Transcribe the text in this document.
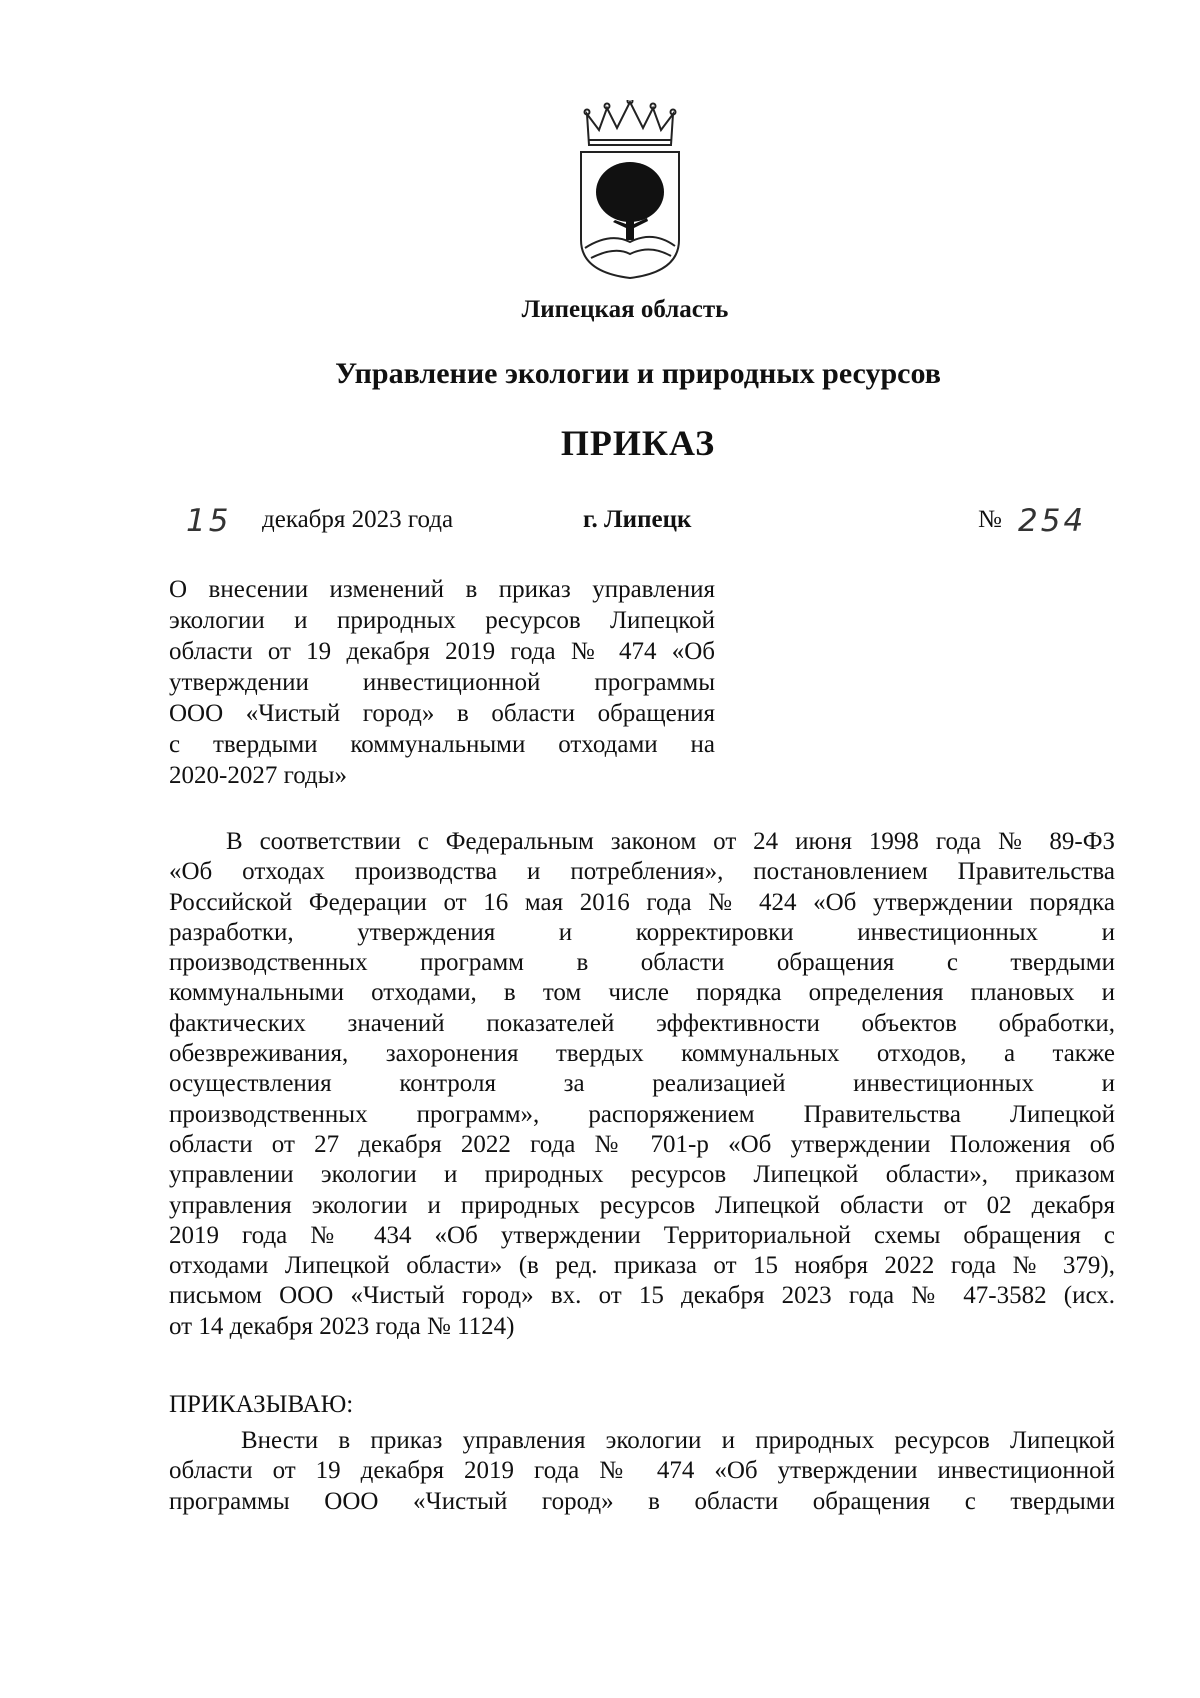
Липецкая область
Управление экологии и природных ресурсов
ПРИКАЗ
15 декабря 2023 года	г. Липецк	№ 254
О внесении изменений в приказ управления
экологии и природных ресурсов Липецкой
области от 19 декабря 2019 года № 474 «Об
утверждении инвестиционной программы
ООО «Чистый город» в области обращения
с твердыми коммунальными отходами на
2020-2027 годы»
В соответствии с Федеральным законом от 24 июня 1998 года № 89-ФЗ
«Об отходах производства и потребления», постановлением Правительства
Российской Федерации от 16 мая 2016 года № 424 «Об утверждении порядка
разработки, утверждения и корректировки инвестиционных и
производственных программ в области обращения с твердыми
коммунальными отходами, в том числе порядка определения плановых и
фактических значений показателей эффективности объектов обработки,
обезвреживания, захоронения твердых коммунальных отходов, а также
осуществления контроля за реализацией инвестиционных и
производственных программ», распоряжением Правительства Липецкой
области от 27 декабря 2022 года № 701-р «Об утверждении Положения об
управлении экологии и природных ресурсов Липецкой области», приказом
управления экологии и природных ресурсов Липецкой области от 02 декабря
2019 года № 434 «Об утверждении Территориальной схемы обращения с
отходами Липецкой области» (в ред. приказа от 15 ноября 2022 года № 379),
письмом ООО «Чистый город» вх. от 15 декабря 2023 года № 47-3582 (исх.
от 14 декабря 2023 года № 1124)
ПРИКАЗЫВАЮ:
Внести в приказ управления экологии и природных ресурсов Липецкой
области от 19 декабря 2019 года № 474 «Об утверждении инвестиционной
программы ООО «Чистый город» в области обращения с твердыми
